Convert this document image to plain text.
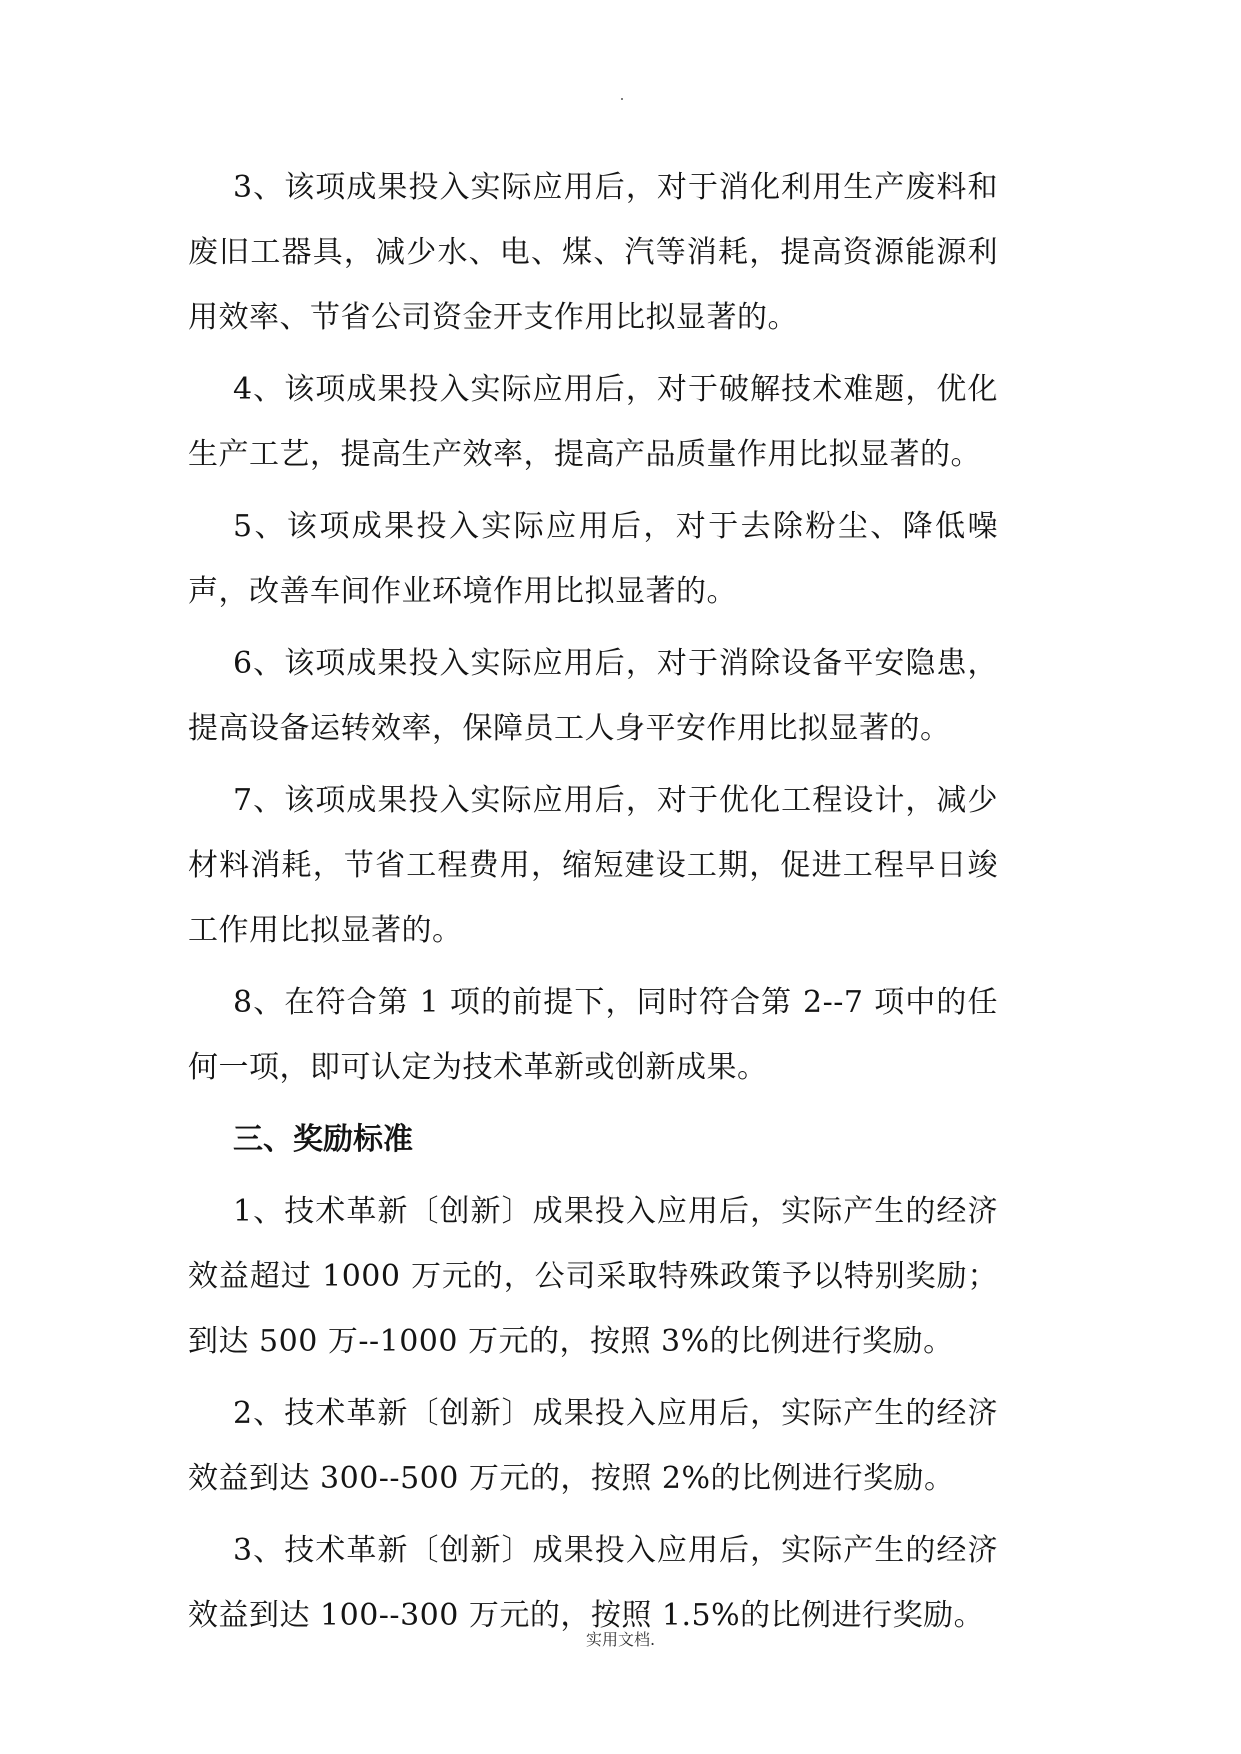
3、该项成果投入实际应用后，对于消化利用生产废料和废旧工器具，减少水、电、煤、汽等消耗，提高资源能源利用效率、节省公司资金开支作用比拟显著的。

4、该项成果投入实际应用后，对于破解技术难题，优化生产工艺，提高生产效率，提高产品质量作用比拟显著的。

5、该项成果投入实际应用后，对于去除粉尘、降低噪声，改善车间作业环境作用比拟显著的。

6、该项成果投入实际应用后，对于消除设备平安隐患，提高设备运转效率，保障员工人身平安作用比拟显著的。

7、该项成果投入实际应用后，对于优化工程设计，减少材料消耗，节省工程费用，缩短建设工期，促进工程早日竣工作用比拟显著的。

8、在符合第 1 项的前提下，同时符合第 2--7 项中的任何一项，即可认定为技术革新或创新成果。

三、奖励标准

1、技术革新〔创新〕成果投入应用后，实际产生的经济效益超过 1000 万元的，公司采取特殊政策予以特别奖励；到达 500 万--1000 万元的，按照 3%的比例进行奖励。

2、技术革新〔创新〕成果投入应用后，实际产生的经济效益到达 300--500 万元的，按照 2%的比例进行奖励。

3、技术革新〔创新〕成果投入应用后，实际产生的经济效益到达 100--300 万元的，按照 1.5%的比例进行奖励。

实用文档.
